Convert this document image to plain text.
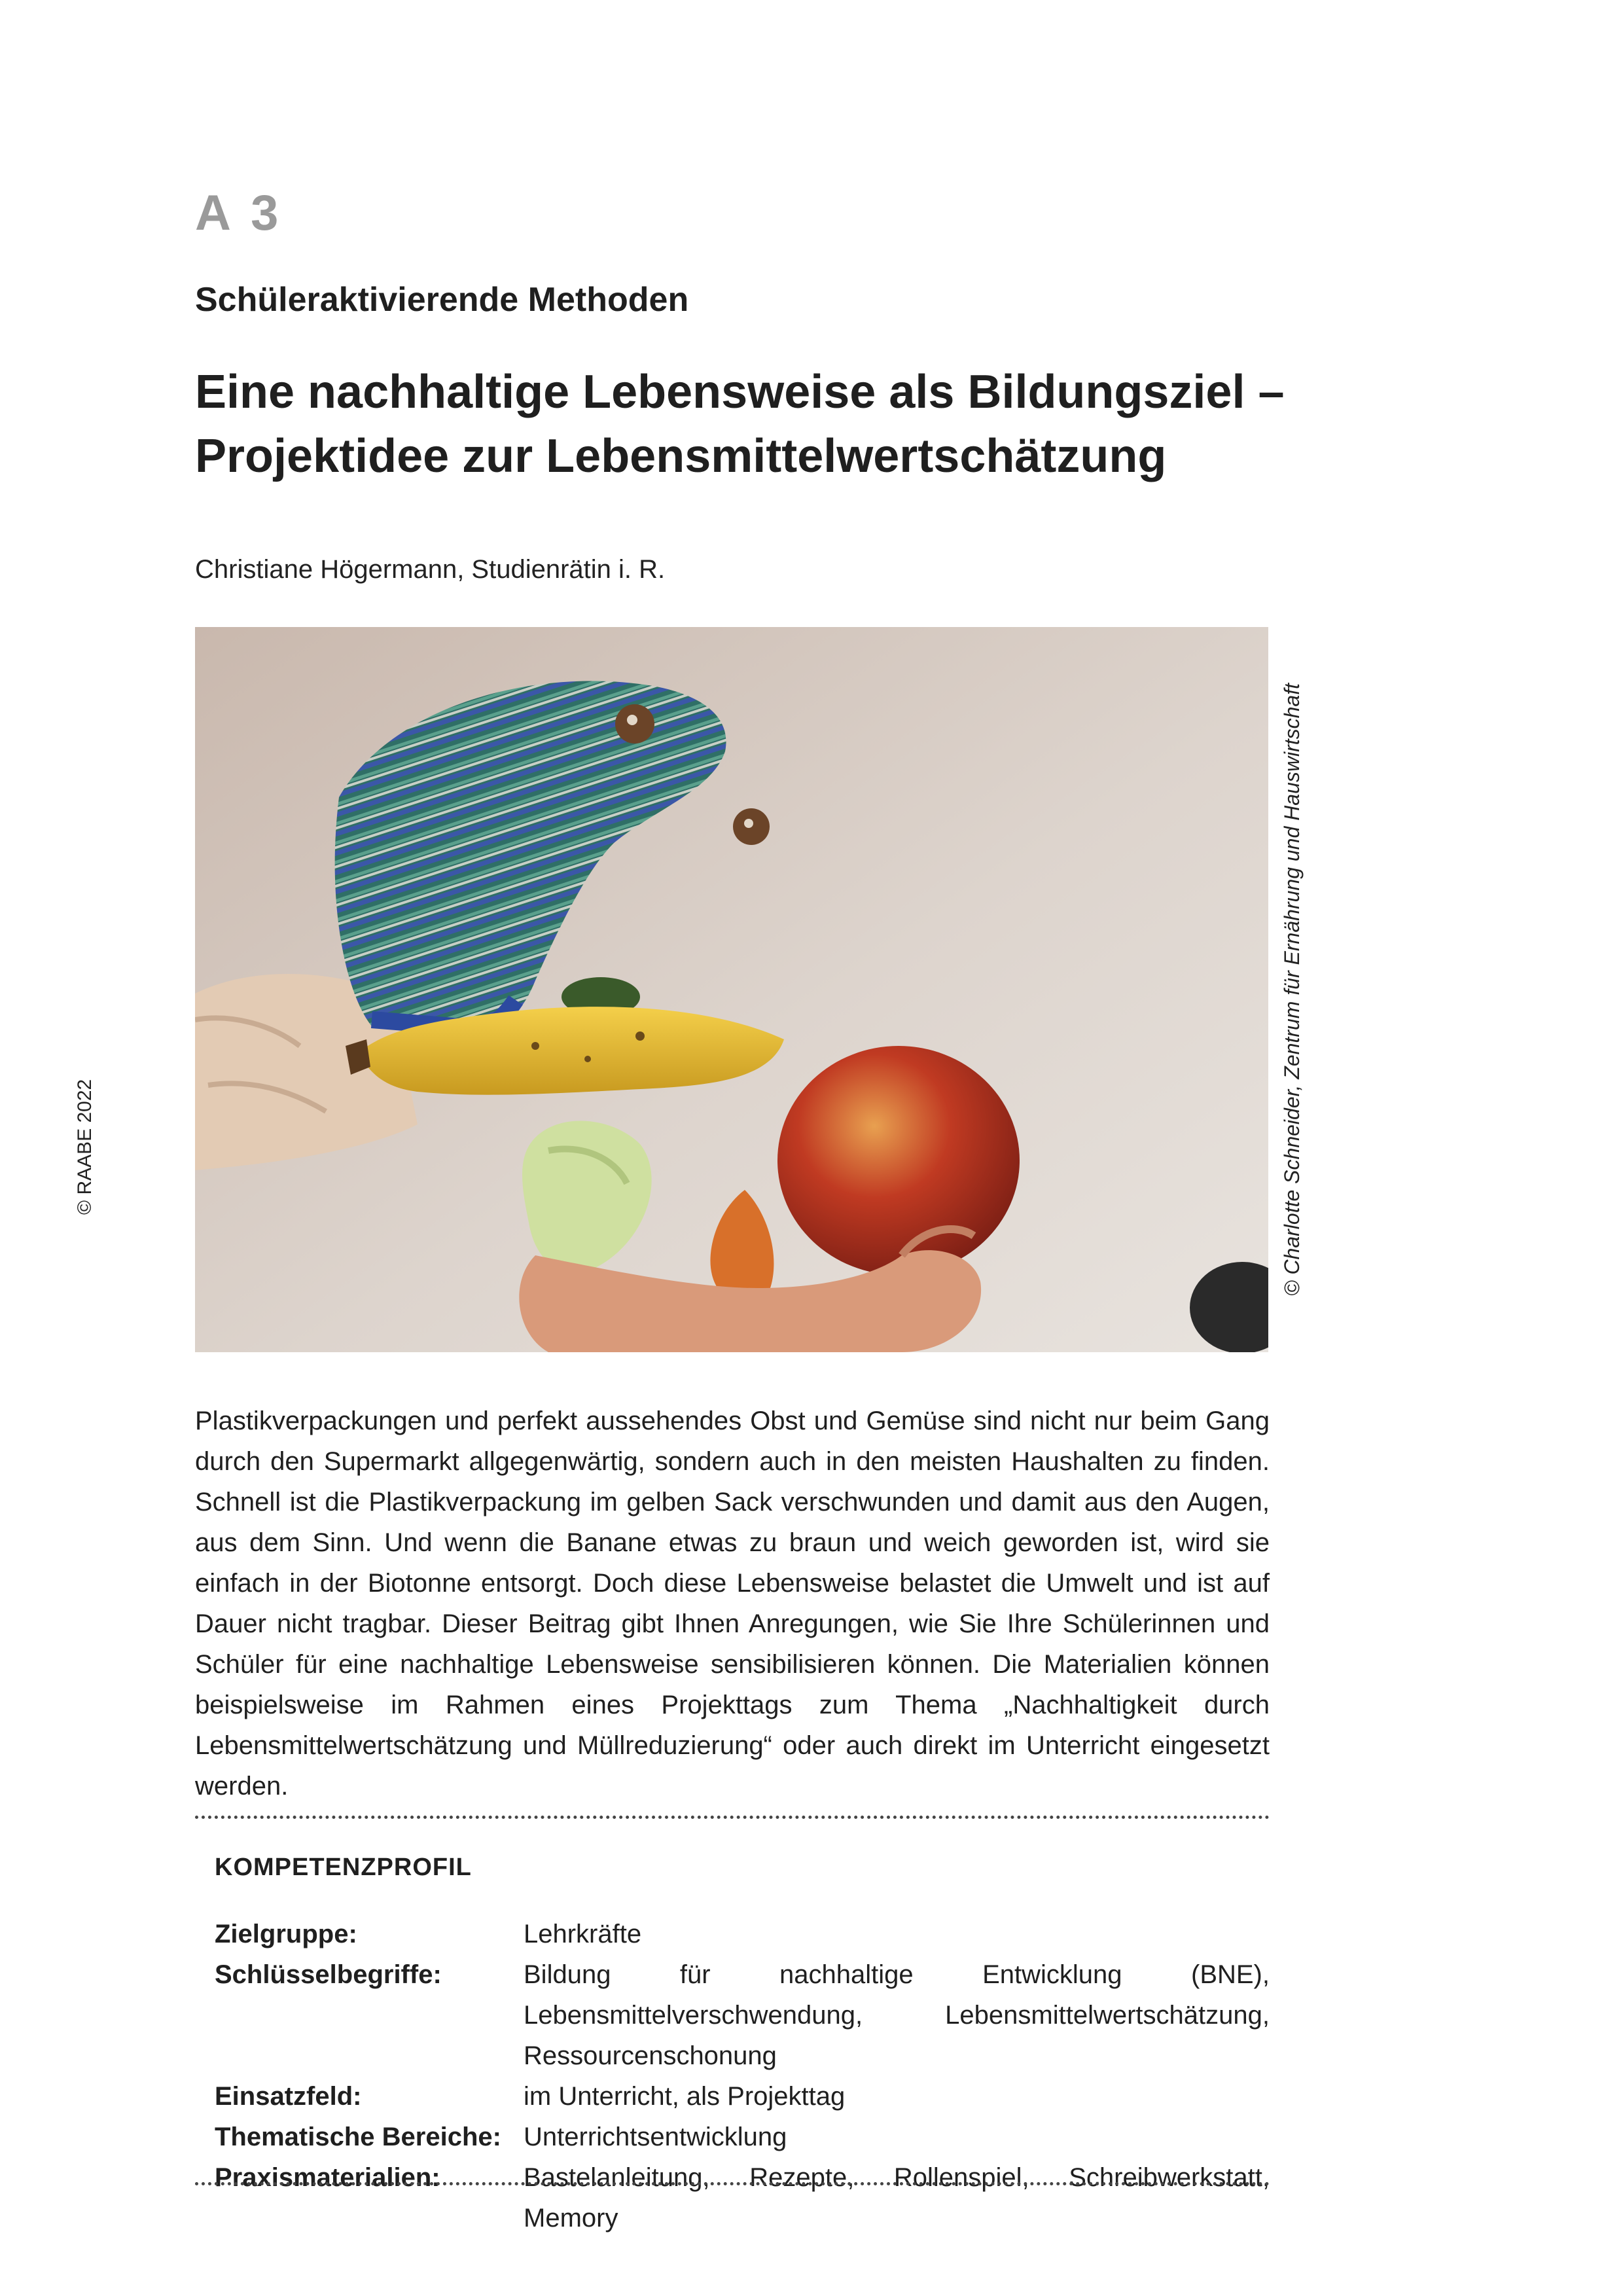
A 3
Schüleraktivierende Methoden
Eine nachhaltige Lebensweise als Bildungsziel –
Projektidee zur Lebensmittelwertschätzung
Christiane Högermann, Studienrätin i. R.
© Charlotte Schneider, Zentrum für Ernährung und Hauswirtschaft
© RAABE 2022
Plastikverpackungen und perfekt aussehendes Obst und Gemüse sind nicht nur beim Gang durch den Supermarkt allgegenwärtig, sondern auch in den meisten Haushalten zu finden. Schnell ist die Plastikverpackung im gelben Sack verschwunden und damit aus den Augen, aus dem Sinn. Und wenn die Banane etwas zu braun und weich geworden ist, wird sie einfach in der Biotonne entsorgt. Doch diese Lebensweise belastet die Umwelt und ist auf Dauer nicht tragbar. Dieser Beitrag gibt Ihnen Anregungen, wie Sie Ihre Schülerinnen und Schüler für eine nachhaltige Lebensweise sensibilisieren können. Die Materialien können beispielsweise im Rahmen eines Projekttags zum Thema „Nachhaltigkeit durch Lebensmittelwertschätzung und Müllreduzierung“ oder auch direkt im Unterricht eingesetzt werden.
KOMPETENZPROFIL
Zielgruppe:	Lehrkräfte
Schlüsselbegriffe:	Bildung für nachhaltige Entwicklung (BNE), Lebensmittelverschwendung, Lebensmittelwertschätzung, Ressourcenschonung
Einsatzfeld:	im Unterricht, als Projekttag
Thematische Bereiche: Unterrichtsentwicklung
Praxismaterialien:	Bastelanleitung, Rezepte, Rollenspiel, Schreibwerkstatt, Memory
